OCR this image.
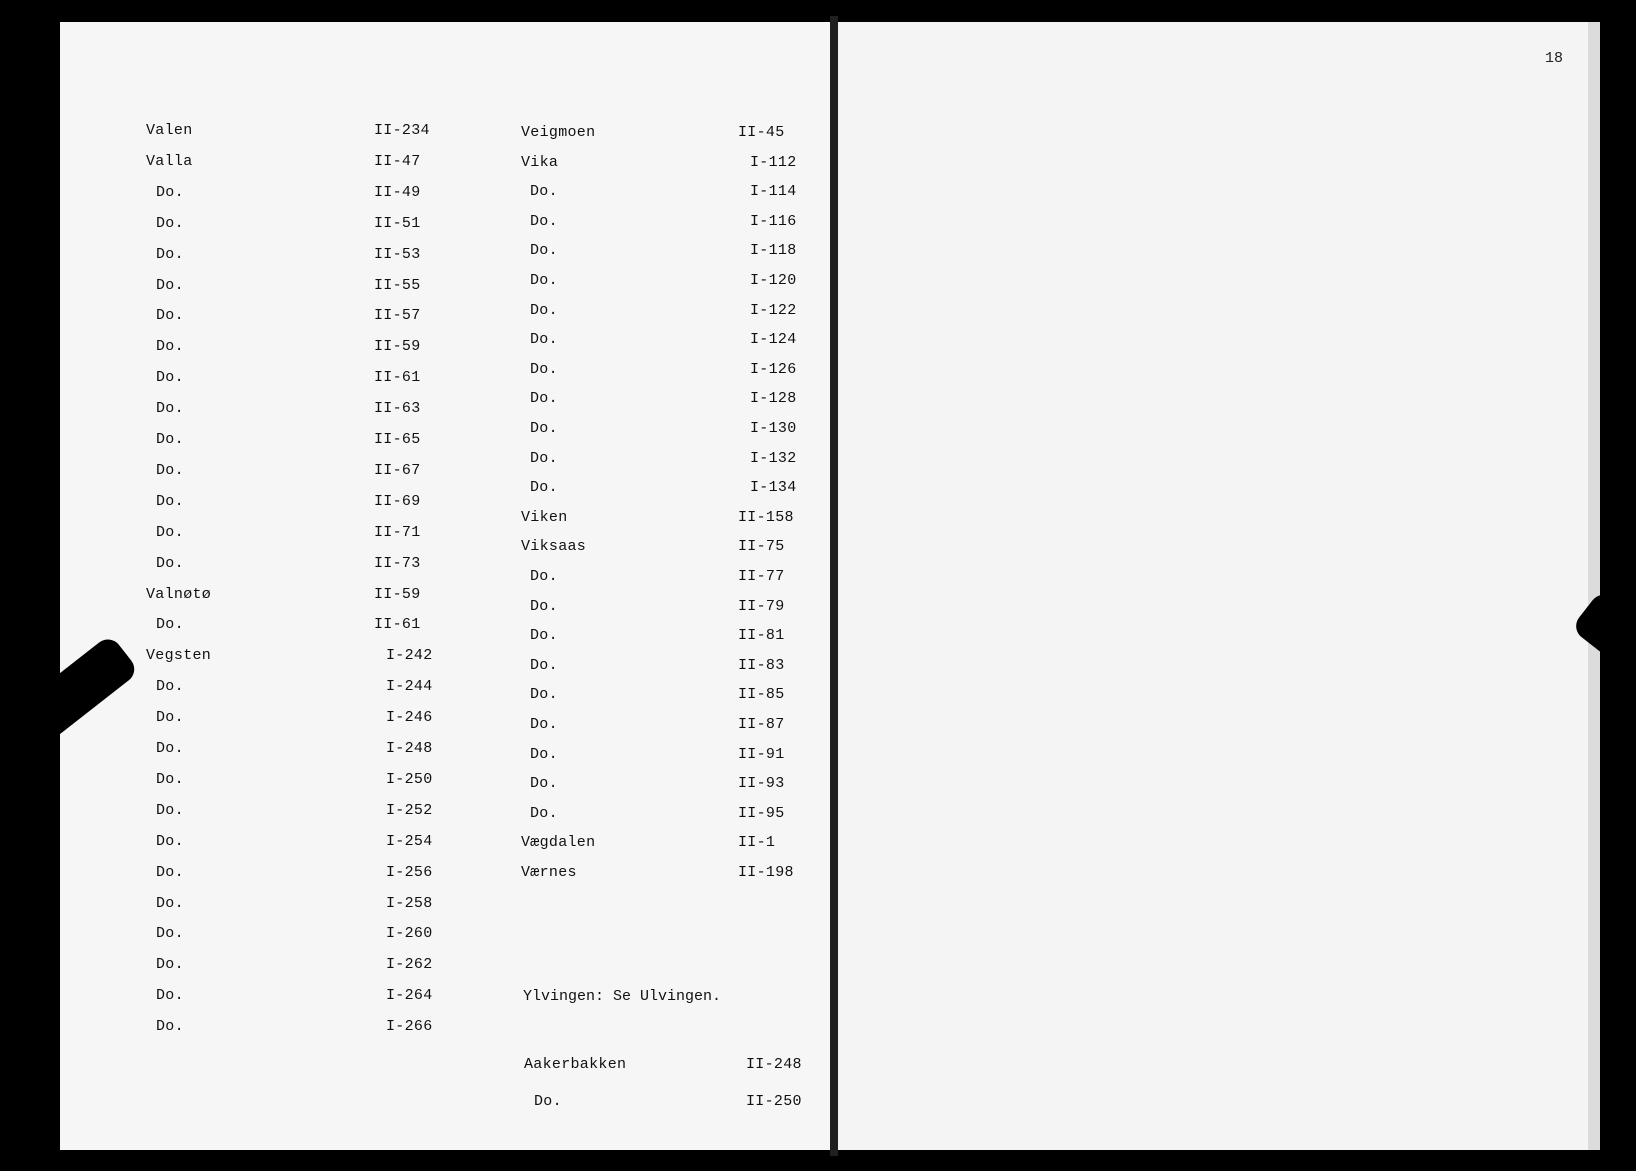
18
Valen	II-234
Valla	II-47
Do.	II-49
Do.	II-51
Do.	II-53
Do.	II-55
Do.	II-57
Do.	II-59
Do.	II-61
Do.	II-63
Do.	II-65
Do.	II-67
Do.	II-69
Do.	II-71
Do.	II-73
Valnøtø	II-59
Do.	II-61
Vegsten	I-242
Do.	I-244
Do.	I-246
Do.	I-248
Do.	I-250
Do.	I-252
Do.	I-254
Do.	I-256
Do.	I-258
Do.	I-260
Do.	I-262
Do.	I-264
Do.	I-266
Veigmoen	II-45
Vika	I-112
Do.	I-114
Do.	I-116
Do.	I-118
Do.	I-120
Do.	I-122
Do.	I-124
Do.	I-126
Do.	I-128
Do.	I-130
Do.	I-132
Do.	I-134
Viken	II-158
Viksaas	II-75
Do.	II-77
Do.	II-79
Do.	II-81
Do.	II-83
Do.	II-85
Do.	II-87
Do.	II-91
Do.	II-93
Do.	II-95
Vægdalen	II-1
Værnes	II-198
Aakerbakken	II-248
Do.	II-250
Ylvingen: Se Ulvingen.
